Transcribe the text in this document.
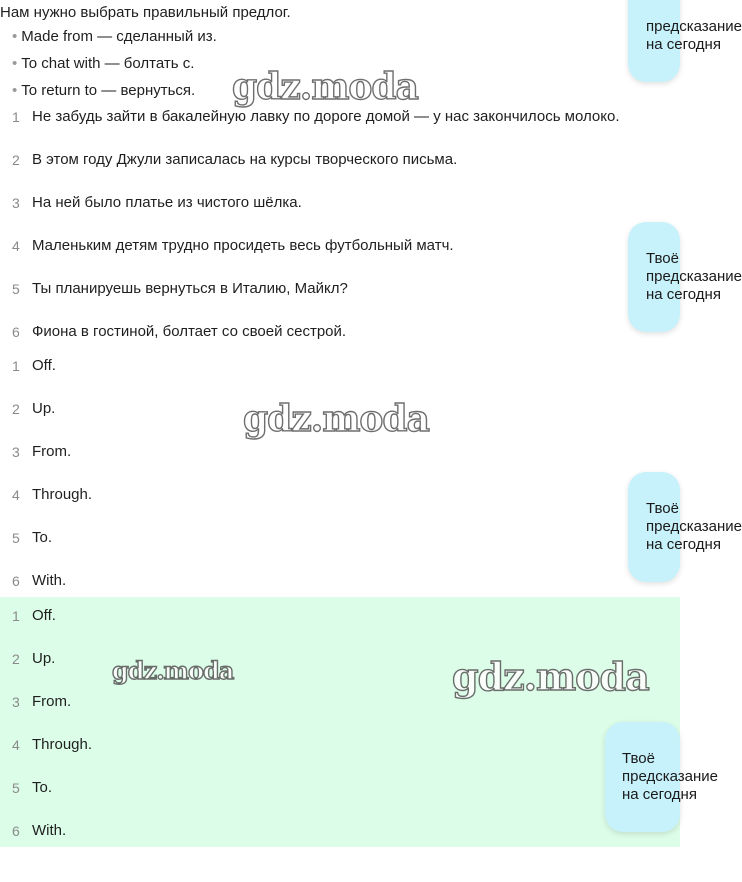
Нам нужно выбрать правильный предлог.
• Made from — сделанный из.
• To chat with — болтать с.
• To return to — вернуться.
1 Не забудь зайти в бакалейную лавку по дороге домой — у нас закончилось молоко.
2 В этом году Джули записалась на курсы творческого письма.
3 На ней было платье из чистого шёлка.
4 Маленьким детям трудно просидеть весь футбольный матч.
5 Ты планируешь вернуться в Италию, Майкл?
6 Фиона в гостиной, болтает со своей сестрой.
1 Off.
2 Up.
3 From.
4 Through.
5 To.
6 With.
1 Off.
2 Up.
3 From.
4 Through.
5 To.
6 With.
gdz.moda
gdz.moda
gdz.moda	gdz.moda
предсказание
на сегодня
Твоё
предсказание
на сегодня
Твоё
предсказание
на сегодня
Твоё
предсказание
на сегодня
